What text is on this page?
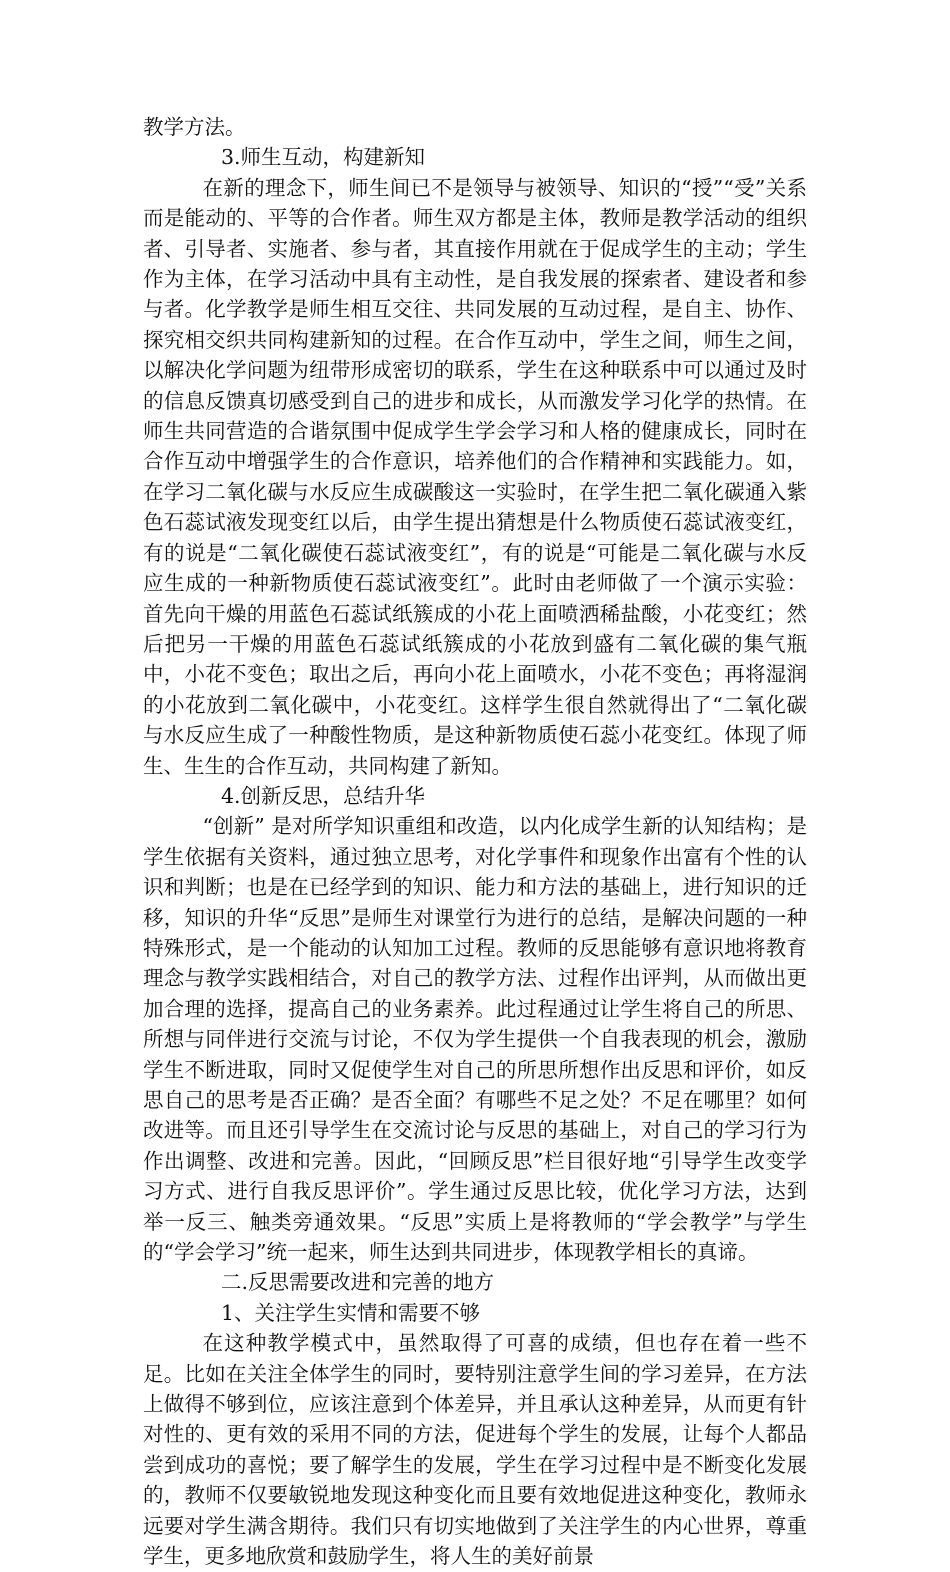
教学方法。

3.师生互动，构建新知

在新的理念下，师生间已不是领导与被领导、知识的“授”“受”关系而是能动的、平等的合作者。师生双方都是主体，教师是教学活动的组织者、引导者、实施者、参与者，其直接作用就在于促成学生的主动；学生作为主体，在学习活动中具有主动性，是自我发展的探索者、建设者和参与者。化学教学是师生相互交往、共同发展的互动过程，是自主、协作、探究相交织共同构建新知的过程。在合作互动中，学生之间，师生之间，以解决化学问题为纽带形成密切的联系，学生在这种联系中可以通过及时的信息反馈真切感受到自己的进步和成长，从而激发学习化学的热情。在师生共同营造的合谐氛围中促成学生学会学习和人格的健康成长，同时在合作互动中增强学生的合作意识，培养他们的合作精神和实践能力。如，在学习二氧化碳与水反应生成碳酸这一实验时，在学生把二氧化碳通入紫色石蕊试液发现变红以后，由学生提出猜想是什么物质使石蕊试液变红，有的说是“二氧化碳使石蕊试液变红”，有的说是“可能是二氧化碳与水反应生成的一种新物质使石蕊试液变红”。此时由老师做了一个演示实验：首先向干燥的用蓝色石蕊试纸簇成的小花上面喷洒稀盐酸，小花变红；然后把另一干燥的用蓝色石蕊试纸簇成的小花放到盛有二氧化碳的集气瓶中，小花不变色；取出之后，再向小花上面喷水，小花不变色；再将湿润的小花放到二氧化碳中，小花变红。这样学生很自然就得出了“二氧化碳与水反应生成了一种酸性物质，是这种新物质使石蕊小花变红。体现了师生、生生的合作互动，共同构建了新知。

4.创新反思，总结升华

“创新” 是对所学知识重组和改造，以内化成学生新的认知结构；是学生依据有关资料，通过独立思考，对化学事件和现象作出富有个性的认识和判断；也是在已经学到的知识、能力和方法的基础上，进行知识的迁移，知识的升华“反思”是师生对课堂行为进行的总结，是解决问题的一种特殊形式，是一个能动的认知加工过程。教师的反思能够有意识地将教育理念与教学实践相结合，对自己的教学方法、过程作出评判，从而做出更加合理的选择，提高自己的业务素养。此过程通过让学生将自己的所思、所想与同伴进行交流与讨论，不仅为学生提供一个自我表现的机会，激励学生不断进取，同时又促使学生对自己的所思所想作出反思和评价，如反思自己的思考是否正确？是否全面？有哪些不足之处？不足在哪里？如何改进等。而且还引导学生在交流讨论与反思的基础上，对自己的学习行为作出调整、改进和完善。因此，“回顾反思”栏目很好地“引导学生改变学习方式、进行自我反思评价”。学生通过反思比较，优化学习方法，达到举一反三、触类旁通效果。“反思”实质上是将教师的“学会教学”与学生的“学会学习”统一起来，师生达到共同进步，体现教学相长的真谛。

二.反思需要改进和完善的地方

1、关注学生实情和需要不够

在这种教学模式中，虽然取得了可喜的成绩，但也存在着一些不足。比如在关注全体学生的同时，要特别注意学生间的学习差异，在方法上做得不够到位，应该注意到个体差异，并且承认这种差异，从而更有针对性的、更有效的采用不同的方法，促进每个学生的发展，让每个人都品尝到成功的喜悦；要了解学生的发展，学生在学习过程中是不断变化发展的，教师不仅要敏锐地发现这种变化而且要有效地促进这种变化，教师永远要对学生满含期待。我们只有切实地做到了关注学生的内心世界，尊重学生，更多地欣赏和鼓励学生，将人生的美好前景
